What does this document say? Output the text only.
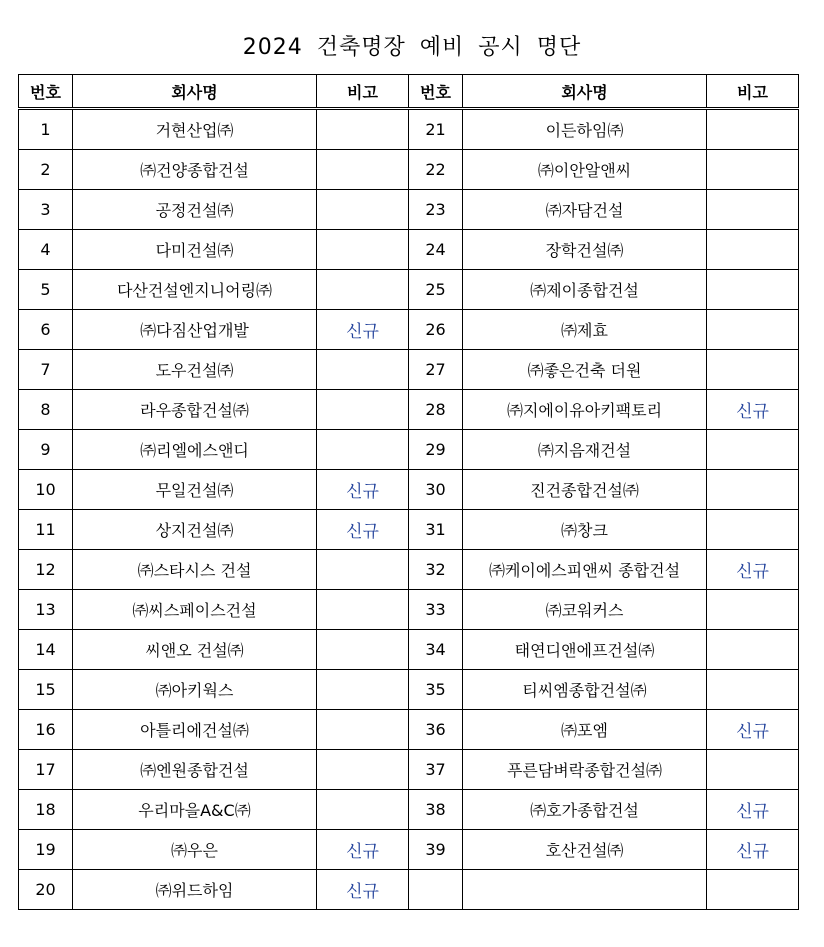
2024 건축명장 예비 공시 명단
번호	회사명	비고	번호	회사명	비고
1	거현산업㈜		21	이든하임㈜	
2	㈜건양종합건설		22	㈜이안알앤씨	
3	공정건설㈜		23	㈜자담건설	
4	다미건설㈜		24	장학건설㈜	
5	다산건설엔지니어링㈜		25	㈜제이종합건설	
6	㈜다짐산업개발	신규	26	㈜제효	
7	도우건설㈜		27	㈜좋은건축 더원	
8	라우종합건설㈜		28	㈜지에이유아키팩토리	신규
9	㈜리엘에스앤디		29	㈜지음재건설	
10	무일건설㈜	신규	30	진건종합건설㈜	
11	상지건설㈜	신규	31	㈜창크	
12	㈜스타시스 건설		32	㈜케이에스피앤씨 종합건설	신규
13	㈜씨스페이스건설		33	㈜코워커스	
14	씨앤오 건설㈜		34	태연디앤에프건설㈜	
15	㈜아키웍스		35	티씨엠종합건설㈜	
16	아틀리에건설㈜		36	㈜포엠	신규
17	㈜엔원종합건설		37	푸른담벼락종합건설㈜	
18	우리마을A&C㈜		38	㈜호가종합건설	신규
19	㈜우은	신규	39	호산건설㈜	신규
20	㈜위드하임	신규			
